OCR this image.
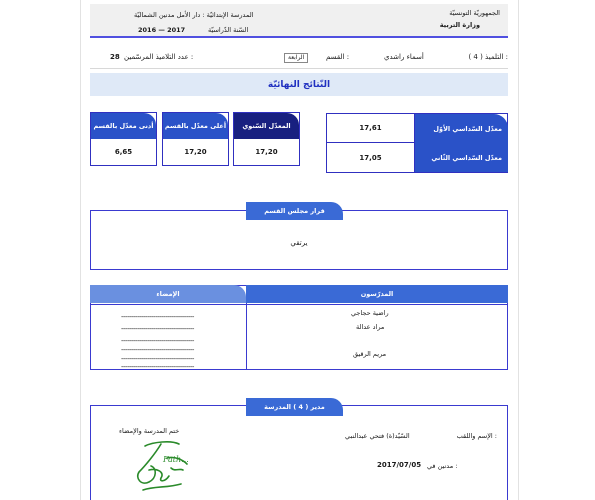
الجمهوريّة التونسيّة
وزارة التربية
المدرسة الإبتدائيّة : دار الأمل مدنين الشماليّة
2016 — 2017	السّنة الدّراسيّة
التلميذ ( 4 ) :
أسماء راشدي
القسم :
الرابعة
عدد التلاميذ المرسّمين :
28
النّتائج النهائيّة
معدّل السّداسي الأوّل
17,61
معدّل السّداسي الثّاني
17,05
المعدّل السّنوي
17,20
أعلى معدّل بالقسم
17,20
أدنى معدّل بالقسم
6,65
يرتقي
قرار مجلس القسم
راضية حجاجي
مراد عدالة
مريم الرقيق
------------------------------------
------------------------------------
------------------------------------
------------------------------------
------------------------------------
------------------------------------
الإمضاء	المدرّسون
ختم المدرسة والإمضاء
الإسم واللقب :
السّيّد(ة) فتحي عبدالنبي
مدنين في :
2017/07/05
Fath...
مدير ( 4 ) المدرسة
